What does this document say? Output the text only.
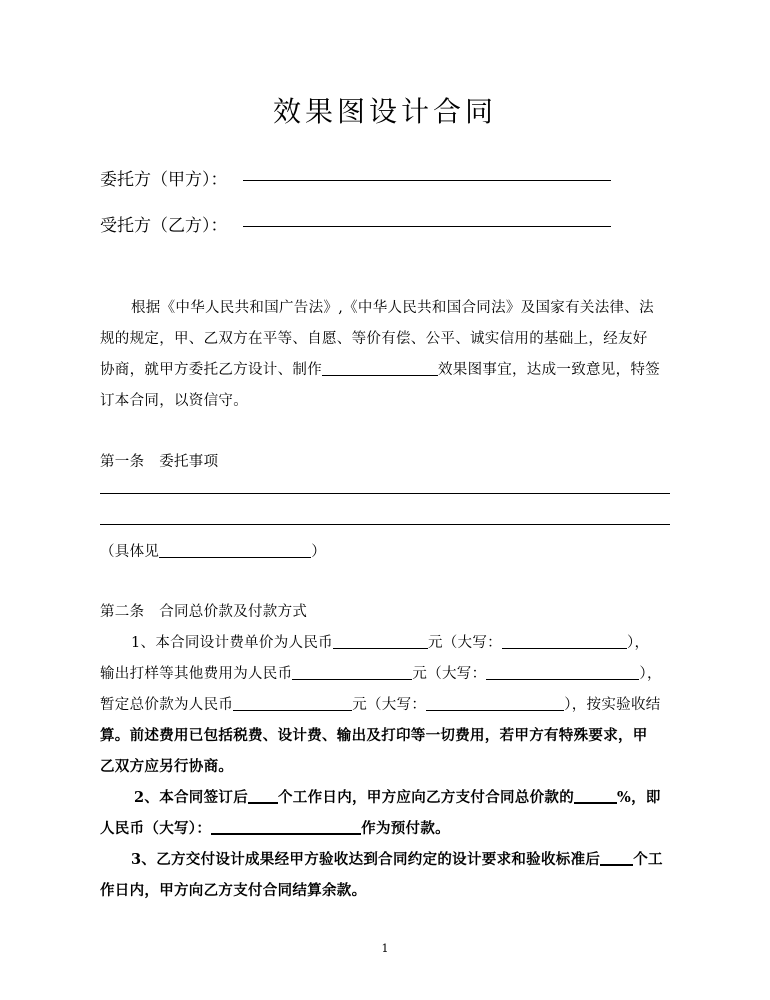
效果图设计合同
委托方（甲方）：
受托方（乙方）：
根据《中华人民共和国广告法》,《中华人民共和国合同法》及国家有关法律、法
规的规定，甲、乙双方在平等、自愿、等价有偿、公平、诚实信用的基础上，经友好
协商，就甲方委托乙方设计、制作	效果图事宜，达成一致意见，特签
订本合同，以资信守。
第一条　委托事项
（具体见	）
第二条　合同总价款及付款方式
1、本合同设计费单价为人民币	元（大写：	），
输出打样等其他费用为人民币	元（大写：	），
暂定总价款为人民币	元（大写：	），按实验收结
算。前述费用已包括税费、设计费、输出及打印等一切费用，若甲方有特殊要求，甲
乙双方应另行协商。
2、本合同签订后 个工作日内，甲方应向乙方支付合同总价款的	%，即
人民币（大写）：	作为预付款。
3、乙方交付设计成果经甲方验收达到合同约定的设计要求和验收标准后 个工
作日内，甲方向乙方支付合同结算余款。
1
